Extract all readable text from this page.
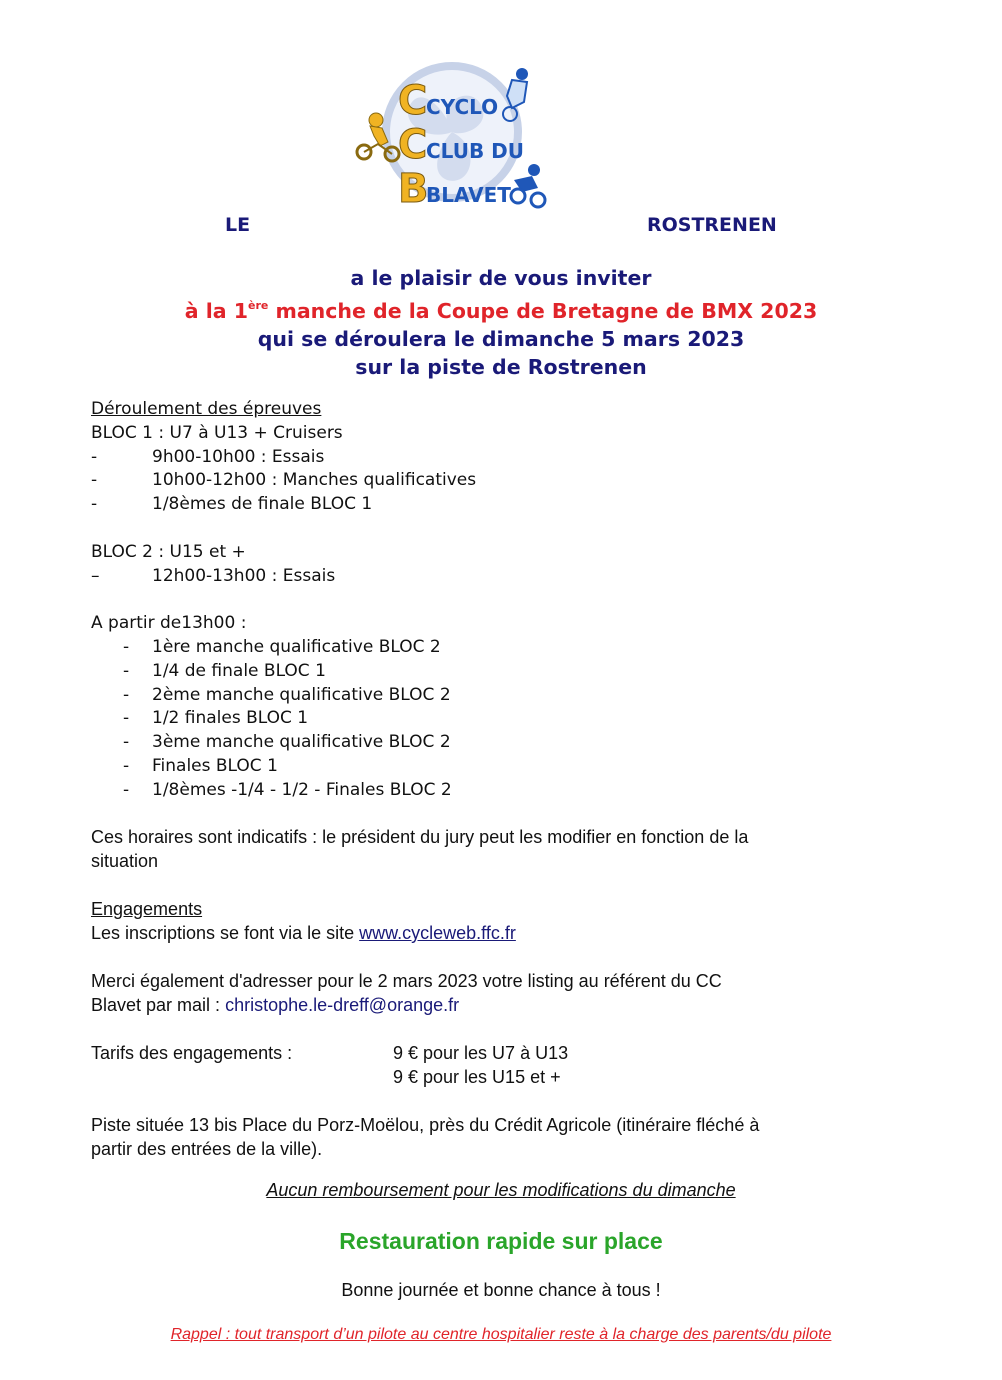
C
C
B
CYCLO
CLUB DU
BLAVET
LE	ROSTRENEN
a le plaisir de vous inviter
à la 1ère manche de la Coupe de Bretagne de BMX 2023
qui se déroulera le dimanche 5 mars 2023
sur la piste de Rostrenen
Déroulement des épreuves
BLOC 1 : U7 à U13 + Cruisers
-	9h00-10h00 : Essais
-	10h00-12h00 : Manches qualificatives
-	1/8èmes de finale BLOC 1
BLOC 2 : U15 et +
–	12h00-13h00 : Essais
A partir de13h00 :
- 1ère manche qualificative BLOC 2
- 1/4 de finale BLOC 1
- 2ème manche qualificative BLOC 2
- 1/2 finales BLOC 1
- 3ème manche qualificative BLOC 2
- Finales BLOC 1
- 1/8èmes -1/4 - 1/2 - Finales BLOC 2
Ces horaires sont indicatifs : le président du jury peut les modifier en fonction de la
situation
Engagements
Les inscriptions se font via le site www.cycleweb.ffc.fr
Merci également d'adresser pour le 2 mars 2023 votre listing au référent du CC
Blavet par mail : christophe.le-dreff@orange.fr
Tarifs des engagements :	9 € pour les U7 à U13
9 € pour les U15 et +
Piste située 13 bis Place du Porz-Moëlou, près du Crédit Agricole (itinéraire fléché à
partir des entrées de la ville).
Aucun remboursement pour les modifications du dimanche
Restauration rapide sur place
Bonne journée et bonne chance à tous !
Rappel : tout transport d’un pilote au centre hospitalier reste à la charge des parents/du pilote
